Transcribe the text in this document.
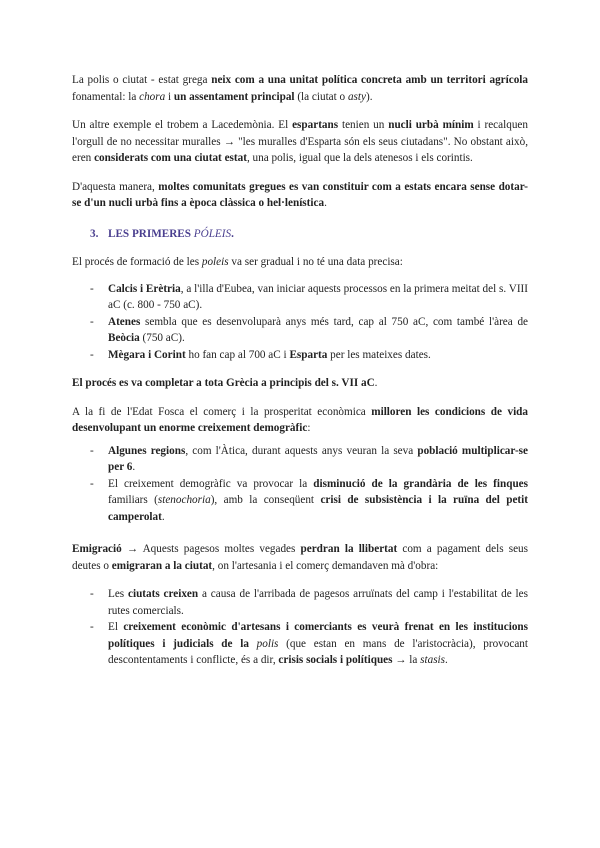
La polis o ciutat - estat grega neix com a una unitat política concreta amb un territori agrícola fonamental: la chora i un assentament principal (la ciutat o asty).

Un altre exemple el trobem a Lacedemònia. El espartans tenien un nucli urbà mínim i recalquen l'orgull de no necessitar muralles → "les muralles d'Esparta són els seus ciutadans". No obstant això, eren considerats com una ciutat estat, una polis, igual que la dels atenesos i els corintis.

D'aquesta manera, moltes comunitats gregues es van constituir com a estats encara sense dotar-se d'un nucli urbà fins a època clàssica o hel·lenística.

3. LES PRIMERES PÓLEIS.

El procés de formació de les poleis va ser gradual i no té una data precisa:

- Calcis i Erètria, a l'illa d'Eubea, van iniciar aquests processos en la primera meitat del s. VIII aC (c. 800 - 750 aC).
- Atenes sembla que es desenvoluparà anys més tard, cap al 750 aC, com també l'àrea de Beòcia (750 aC).
- Mègara i Corint ho fan cap al 700 aC i Esparta per les mateixes dates.

El procés es va completar a tota Grècia a principis del s. VII aC.

A la fi de l'Edat Fosca el comerç i la prosperitat econòmica milloren les condicions de vida desenvolupant un enorme creixement demogràfic:

- Algunes regions, com l'Àtica, durant aquests anys veuran la seva població multiplicar-se per 6.
- El creixement demogràfic va provocar la disminució de la grandària de les finques familiars (stenochoria), amb la conseqüent crisi de subsistència i la ruïna del petit camperolat.

Emigració → Aquests pagesos moltes vegades perdran la llibertat com a pagament dels seus deutes o emigraran a la ciutat, on l'artesania i el comerç demandaven mà d'obra:

- Les ciutats creixen a causa de l'arribada de pagesos arruïnats del camp i l'estabilitat de les rutes comercials.
- El creixement econòmic d'artesans i comerciants es veurà frenat en les institucions polítiques i judicials de la polis (que estan en mans de l'aristocràcia), provocant descontentaments i conflicte, és a dir, crisis socials i polítiques → la stasis.
